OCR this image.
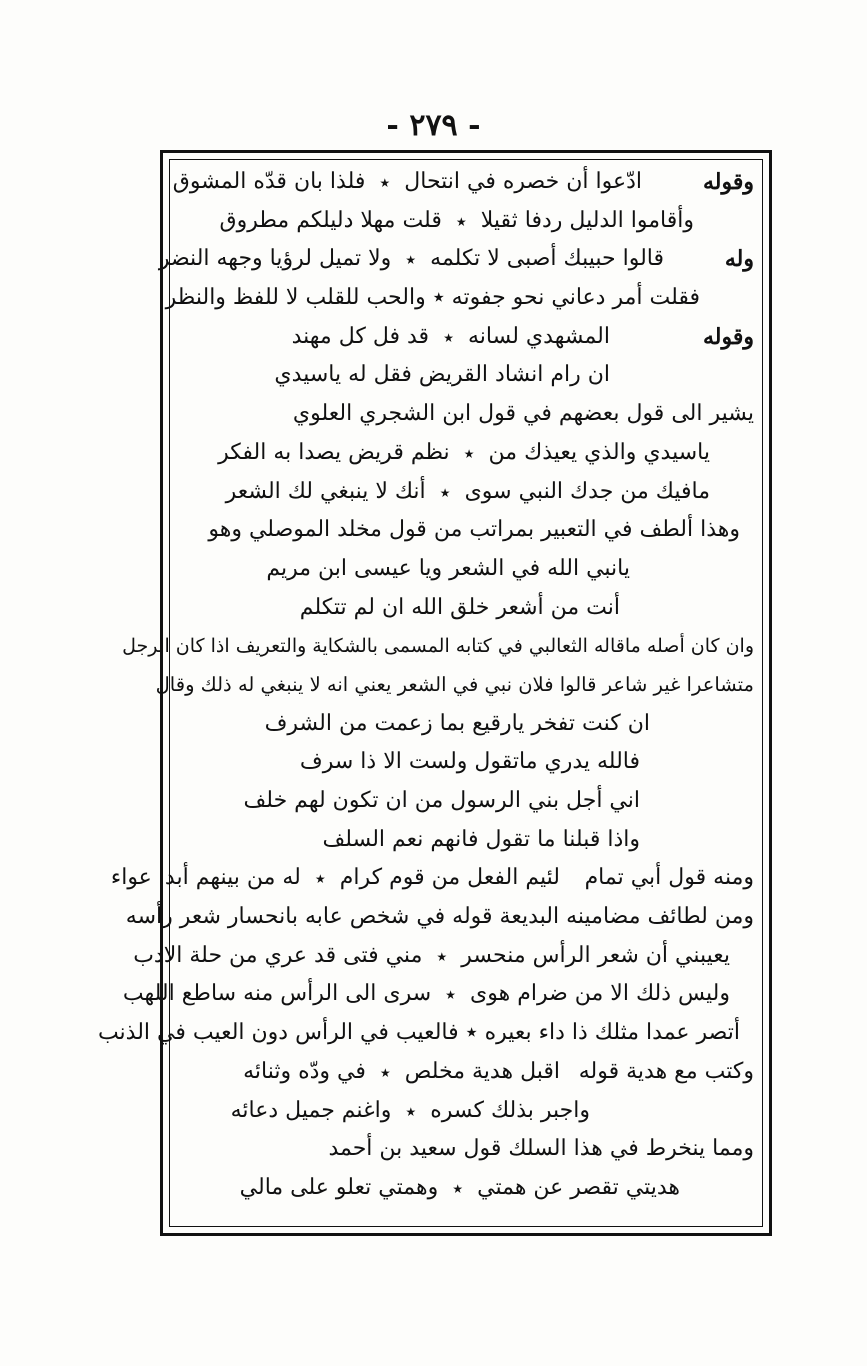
- ٢٧٩ -
وقوله
ادّعوا أن خصره في انتحال
٭
فلذا بان قدّه المشوق
وأقاموا الدليل ردفا ثقيلا
٭
قلت مهلا دليلكم مطروق
وله
قالوا حبيبك أصبى لا تكلمه
٭
ولا تميل لرؤيا وجهه النضر
فقلت أمر دعاني نحو جفوته ٭ والحب للقلب لا للفظ والنظر
وقوله
المشهدي لسانه
٭
قد فل كل مهند
ان رام انشاد القريض فقل له ياسيدي
يشير الى قول بعضهم في قول ابن الشجري العلوي
ياسيدي والذي يعيذك من
٭
نظم قريض يصدا به الفكر
مافيك من جدك النبي سوى
٭
أنك لا ينبغي لك الشعر
وهذا ألطف في التعبير بمراتب من قول مخلد الموصلي وهو
يانبي الله في الشعر ويا عيسى ابن مريم
أنت من أشعر خلق الله ان لم تتكلم
وان كان أصله ماقاله الثعالبي في كتابه المسمى بالشكاية والتعريف اذا كان الرجل
متشاعرا غير شاعر قالوا فلان نبي في الشعر يعني انه لا ينبغي له ذلك وقال
ان كنت تفخر يارقيع بما زعمت من الشرف
فالله يدري ماتقول ولست الا ذا سرف
اني أجل بني الرسول من ان تكون لهم خلف
واذا قبلنا ما تقول فانهم نعم السلف
ومنه قول أبي تمام
لئيم الفعل من قوم كرام
٭
له من بينهم أبدا عواء
ومن لطائف مضامينه البديعة قوله في شخص عابه بانحسار شعر رأسه
يعيبني أن شعر الرأس منحسر
٭
مني فتى قد عري من حلة الادب
وليس ذلك الا من ضرام هوى
٭
سرى الى الرأس منه ساطع اللهب
أتصر عمدا مثلك ذا داء بعيره ٭ فالعيب في الرأس دون العيب في الذنب
وكتب مع هدية قوله
اقبل هدية مخلص
٭
في ودّه وثنائه
واجبر بذلك كسره
٭
واغنم جميل دعائه
ومما ينخرط في هذا السلك قول سعيد بن أحمد
هديتي تقصر عن همتي
٭
وهمتي تعلو على مالي
